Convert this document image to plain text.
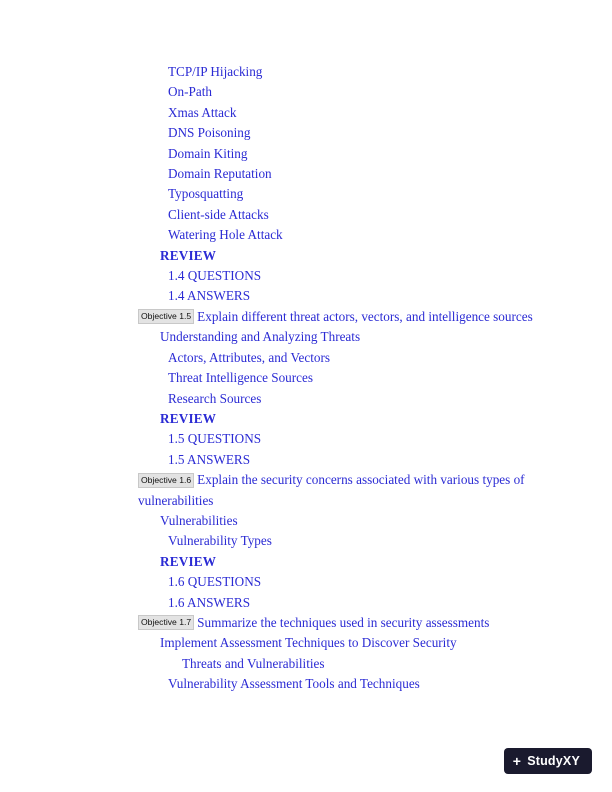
TCP/IP Hijacking
On-Path
Xmas Attack
DNS Poisoning
Domain Kiting
Domain Reputation
Typosquatting
Client-side Attacks
Watering Hole Attack
REVIEW
1.4 QUESTIONS
1.4 ANSWERS
Objective 1.5 Explain different threat actors, vectors, and intelligence sources
Understanding and Analyzing Threats
Actors, Attributes, and Vectors
Threat Intelligence Sources
Research Sources
REVIEW
1.5 QUESTIONS
1.5 ANSWERS
Objective 1.6 Explain the security concerns associated with various types of vulnerabilities
Vulnerabilities
Vulnerability Types
REVIEW
1.6 QUESTIONS
1.6 ANSWERS
Objective 1.7 Summarize the techniques used in security assessments
Implement Assessment Techniques to Discover Security
Threats and Vulnerabilities
Vulnerability Assessment Tools and Techniques
+ StudyXY
